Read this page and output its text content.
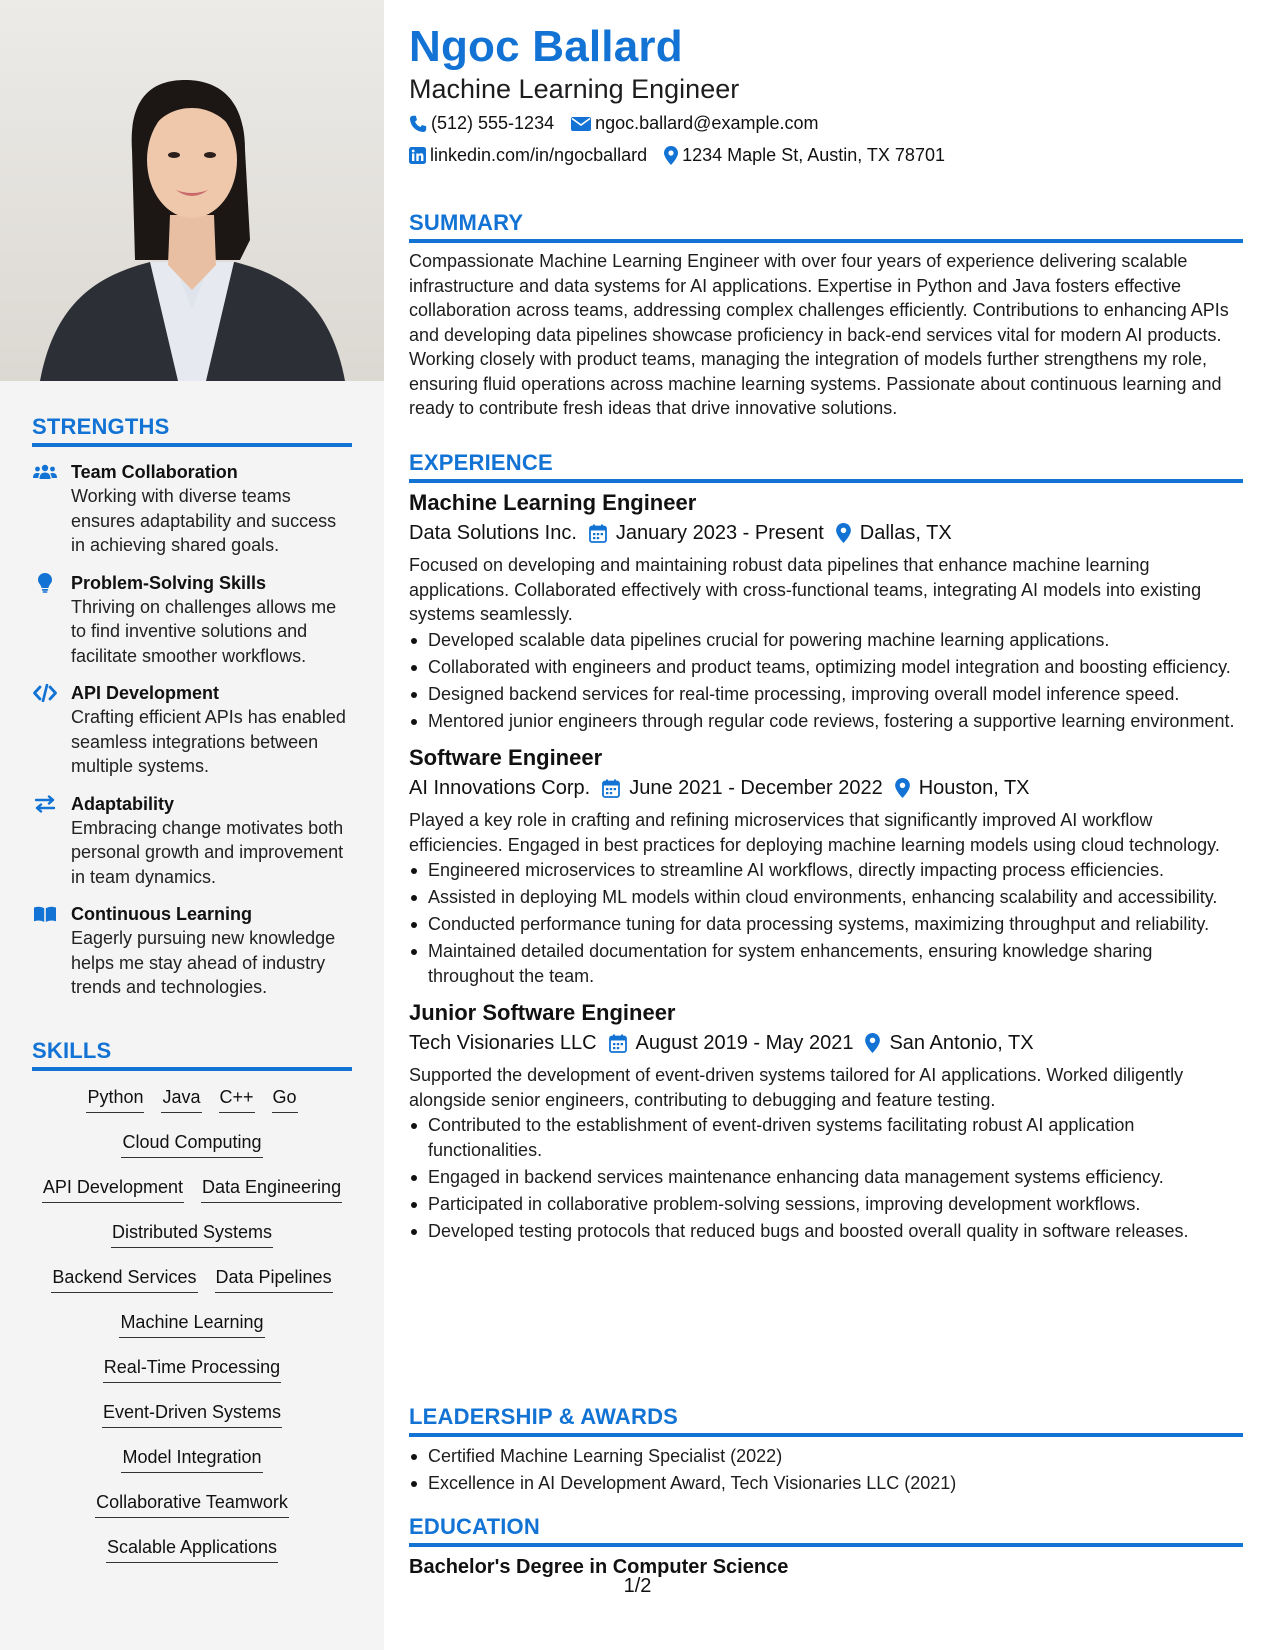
STRENGTHS
Team Collaboration
Working with diverse teams ensures adaptability and success in achieving shared goals.
Problem-Solving Skills
Thriving on challenges allows me to find inventive solutions and facilitate smoother workflows.
API Development
Crafting efficient APIs has enabled seamless integrations between multiple systems.
Adaptability
Embracing change motivates both personal growth and improvement in team dynamics.
Continuous Learning
Eagerly pursuing new knowledge helps me stay ahead of industry trends and technologies.
SKILLS
Python Java C++ Go
Cloud Computing
API Development Data Engineering
Distributed Systems
Backend Services Data Pipelines
Machine Learning
Real-Time Processing
Event-Driven Systems
Model Integration
Collaborative Teamwork
Scalable Applications
Ngoc Ballard
Machine Learning Engineer
(512) 555-1234 ngoc.ballard@example.com
linkedin.com/in/ngocballard 1234 Maple St, Austin, TX 78701
SUMMARY
Compassionate Machine Learning Engineer with over four years of experience delivering scalable infrastructure and data systems for AI applications. Expertise in Python and Java fosters effective collaboration across teams, addressing complex challenges efficiently. Contributions to enhancing APIs and developing data pipelines showcase proficiency in back-end services vital for modern AI products. Working closely with product teams, managing the integration of models further strengthens my role, ensuring fluid operations across machine learning systems. Passionate about continuous learning and ready to contribute fresh ideas that drive innovative solutions.
EXPERIENCE
Machine Learning Engineer
Data Solutions Inc. January 2023 - Present Dallas, TX
Focused on developing and maintaining robust data pipelines that enhance machine learning applications. Collaborated effectively with cross-functional teams, integrating AI models into existing systems seamlessly.
Developed scalable data pipelines crucial for powering machine learning applications.
Collaborated with engineers and product teams, optimizing model integration and boosting efficiency.
Designed backend services for real-time processing, improving overall model inference speed.
Mentored junior engineers through regular code reviews, fostering a supportive learning environment.
Software Engineer
AI Innovations Corp. June 2021 - December 2022 Houston, TX
Played a key role in crafting and refining microservices that significantly improved AI workflow efficiencies. Engaged in best practices for deploying machine learning models using cloud technology.
Engineered microservices to streamline AI workflows, directly impacting process efficiencies.
Assisted in deploying ML models within cloud environments, enhancing scalability and accessibility.
Conducted performance tuning for data processing systems, maximizing throughput and reliability.
Maintained detailed documentation for system enhancements, ensuring knowledge sharing throughout the team.
Junior Software Engineer
Tech Visionaries LLC August 2019 - May 2021 San Antonio, TX
Supported the development of event-driven systems tailored for AI applications. Worked diligently alongside senior engineers, contributing to debugging and feature testing.
Contributed to the establishment of event-driven systems facilitating robust AI application functionalities.
Engaged in backend services maintenance enhancing data management systems efficiency.
Participated in collaborative problem-solving sessions, improving development workflows.
Developed testing protocols that reduced bugs and boosted overall quality in software releases.
LEADERSHIP & AWARDS
Certified Machine Learning Specialist (2022)
Excellence in AI Development Award, Tech Visionaries LLC (2021)
EDUCATION
Bachelor's Degree in Computer Science
1/2
